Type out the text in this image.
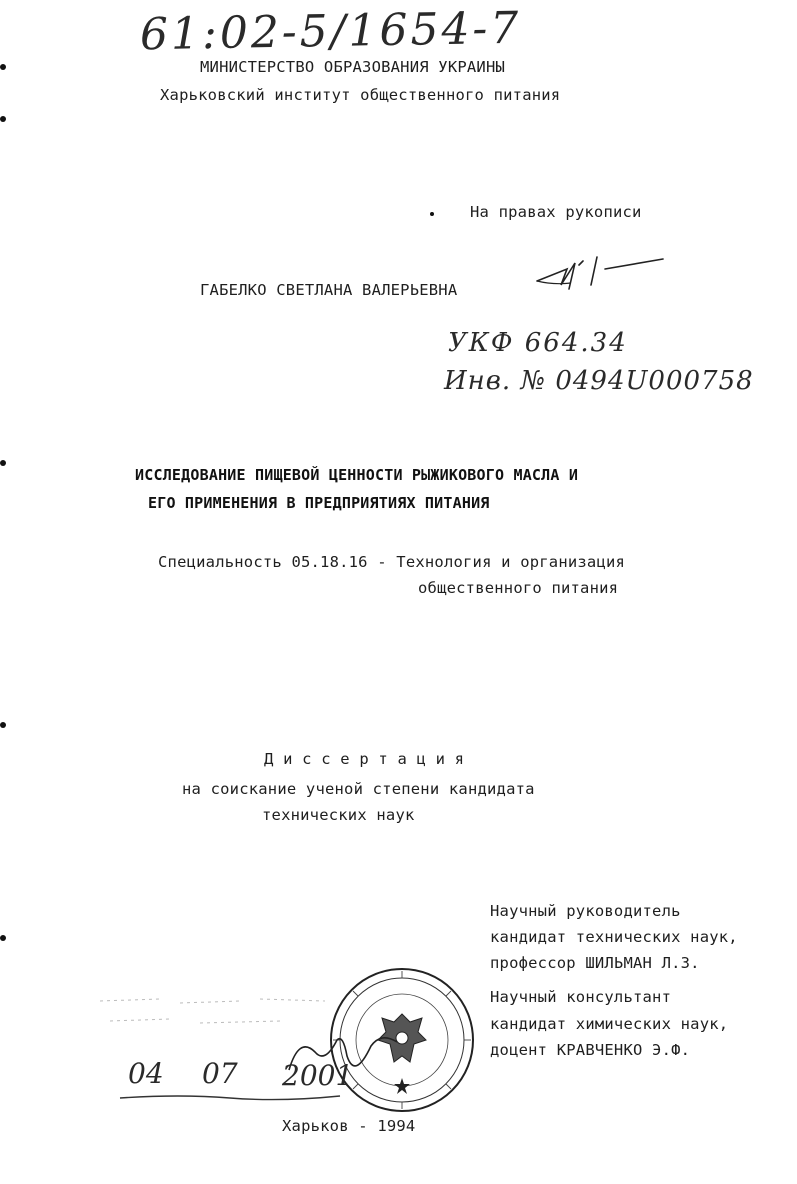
61:02-5/1654-7
МИНИСТЕРСТВО ОБРАЗОВАНИЯ УКРАИНЫ
Харьковский институт общественного питания
На правах рукописи
ГАБЕЛКО СВЕТЛАНА ВАЛЕРЬЕВНА
УКФ 664.34
Инв. № 0494U000758
ИССЛЕДОВАНИЕ ПИЩЕВОЙ ЦЕННОСТИ РЫЖИКОВОГО МАСЛА И
ЕГО ПРИМЕНЕНИЯ В ПРЕДПРИЯТИЯХ ПИТАНИЯ
Специальность 05.18.16 - Технология и организация
общественного питания
Д и с с е р т а ц и я
на соискание ученой степени кандидата
технических наук
Научный руководитель
кандидат технических наук,
профессор ШИЛЬМАН Л.З.
Научный консультант
кандидат химических наук,
доцент КРАВЧЕНКО Э.Ф.
04 07 2001
Харьков - 1994
